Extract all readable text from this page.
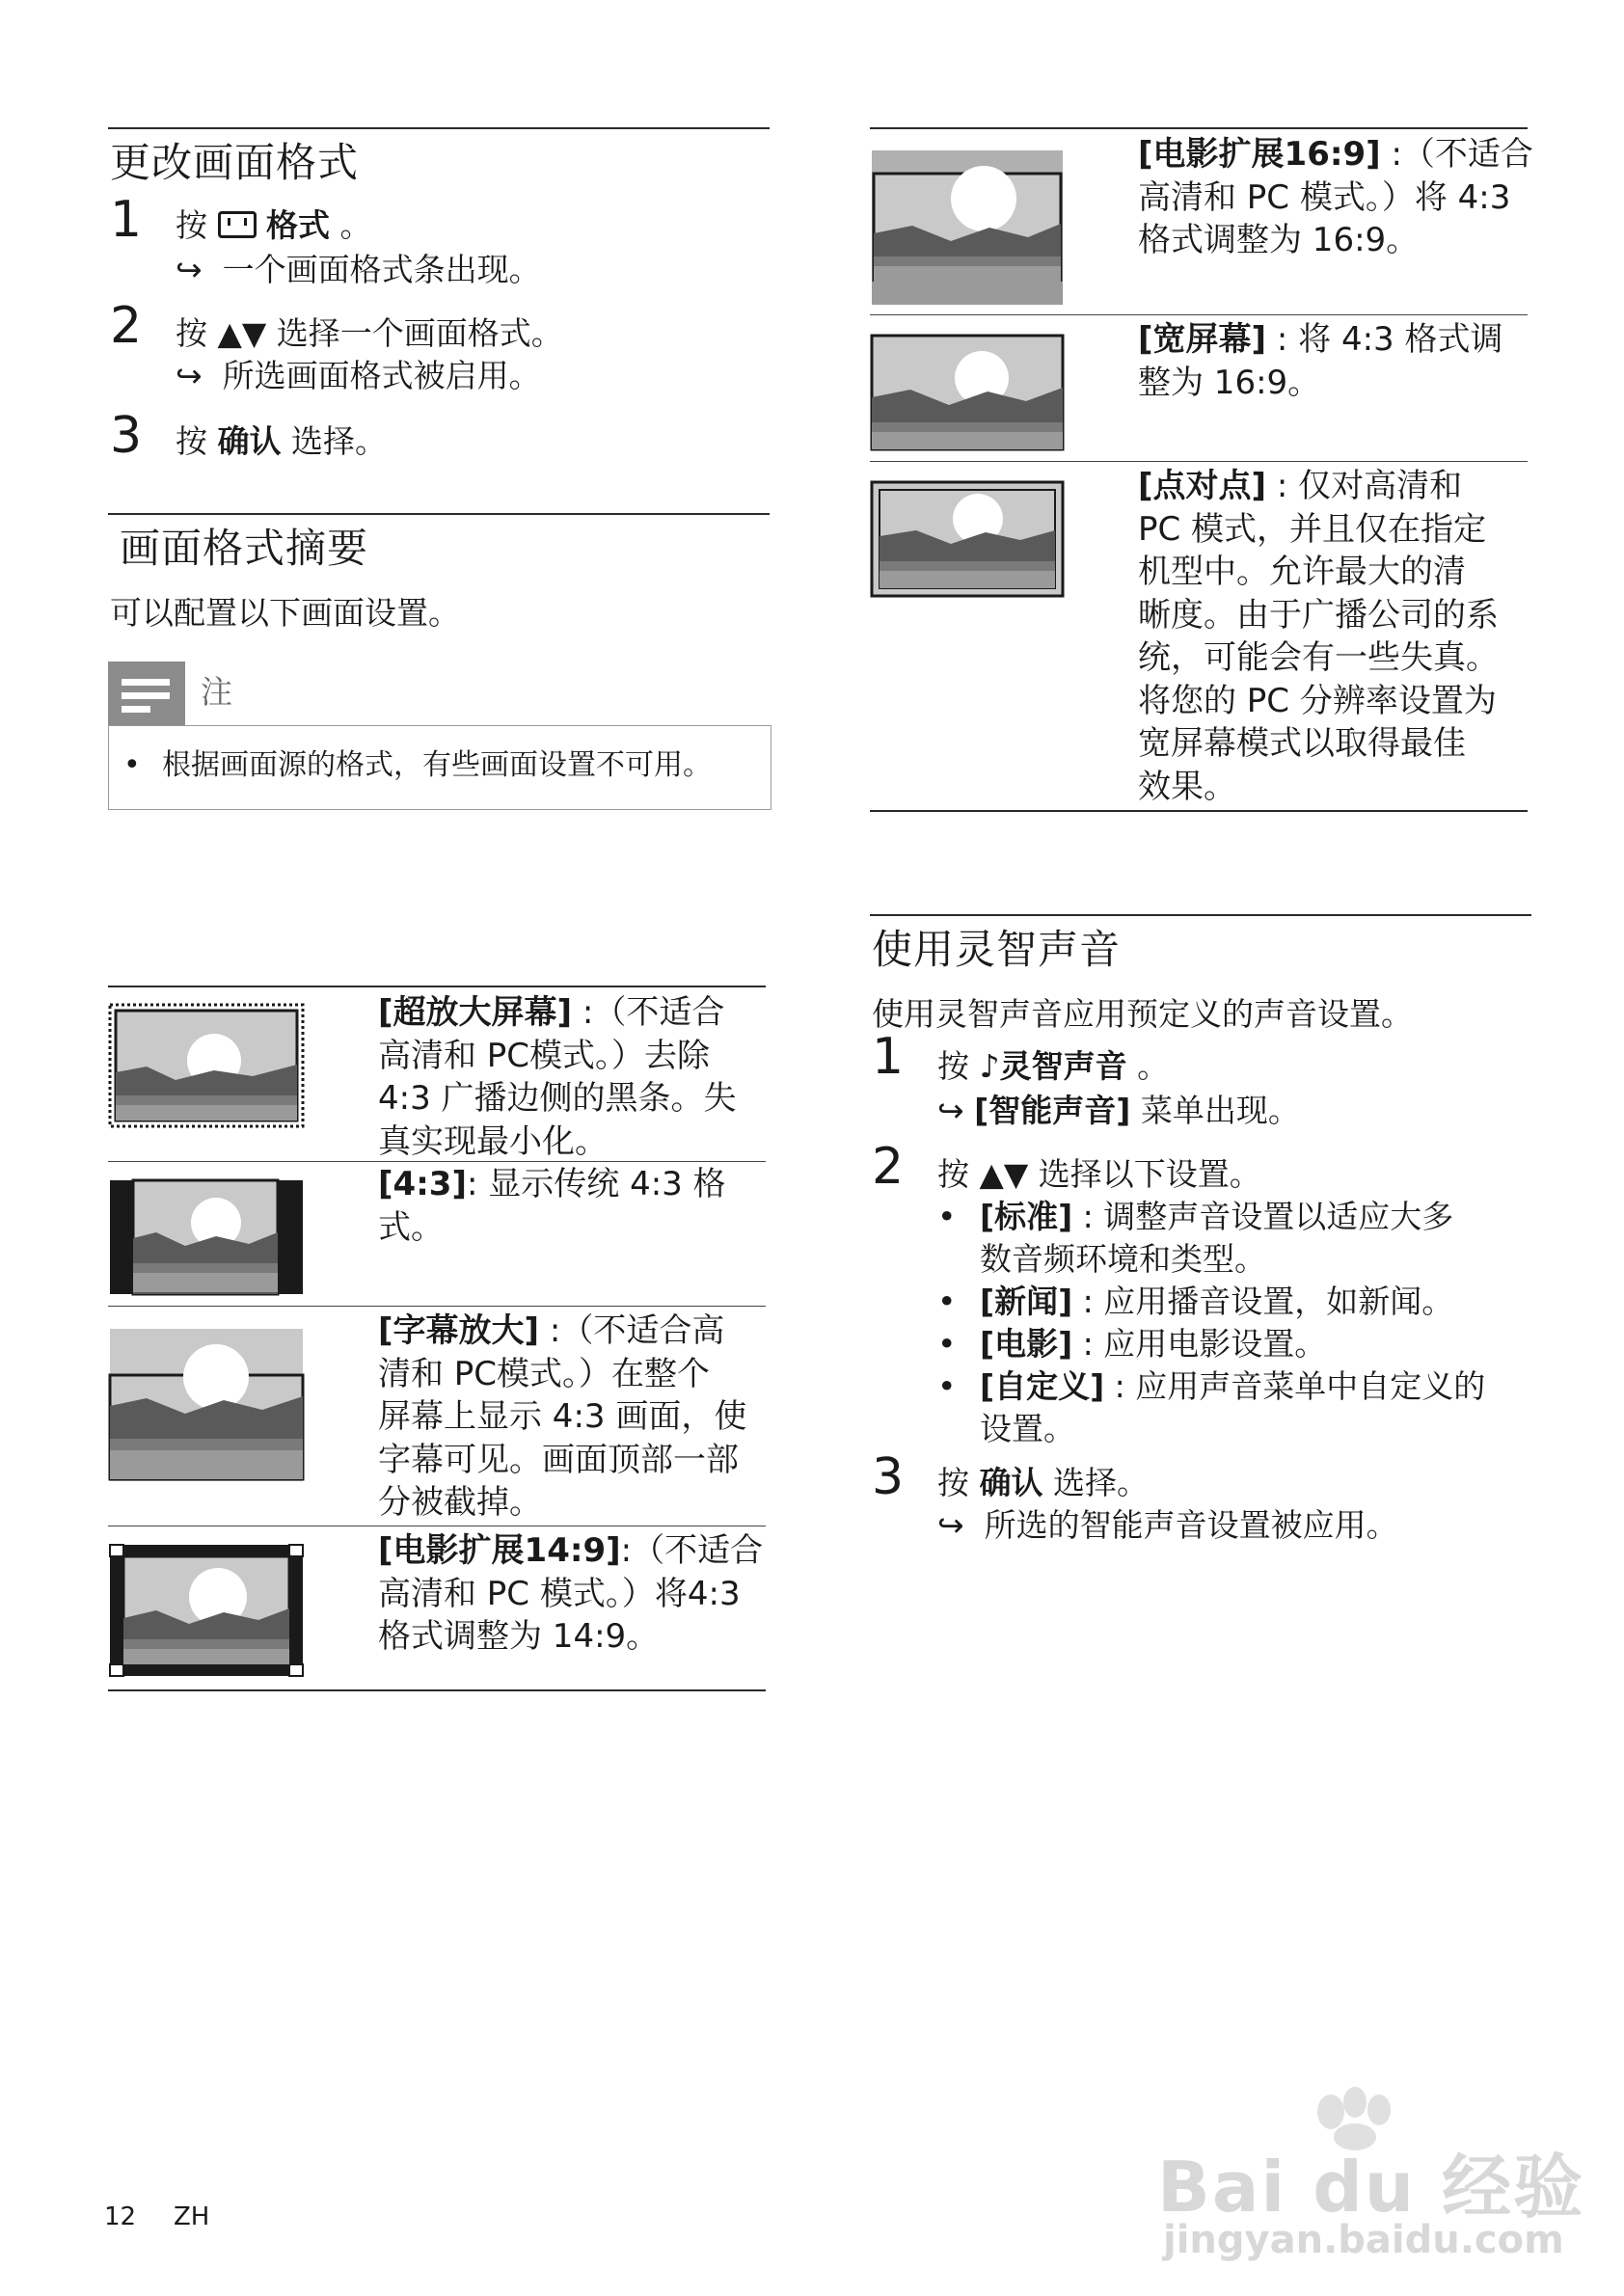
更改画面格式
1 按 格式 。
↪ 一个画面格式条出现。
2 按 ▲▼ 选择一个画面格式。
↪ 所选画面格式被启用。
3 按 确认 选择。
画面格式摘要
可以配置以下画面设置。
注
• 根据画面源的格式，有些画面设置不可用。
[超放大屏幕] :（不适合
高清和 PC模式。）去除
4:3 广播边侧的黑条。失
真实现最小化。
[4:3]: 显示传统 4:3 格
式。
[字幕放大] :（不适合高
清和 PC模式。）在整个
屏幕上显示 4:3 画面，使
字幕可见。画面顶部一部
分被截掉。
[电影扩展14:9]:（不适合
高清和 PC 模式。）将4:3
格式调整为 14:9。
[电影扩展16:9] :（不适合
高清和 PC 模式。）将 4:3
格式调整为 16:9。
[宽屏幕] : 将 4:3 格式调
整为 16:9。
[点对点] : 仅对高清和
PC 模式，并且仅在指定
机型中。允许最大的清
晰度。由于广播公司的系
统，可能会有一些失真。
将您的 PC 分辨率设置为
宽屏幕模式以取得最佳
效果。
使用灵智声音
使用灵智声音应用预定义的声音设置。
1 按 ♪灵智声音 。
↪ [智能声音] 菜单出现。
2 按 ▲▼ 选择以下设置。
• [标准] : 调整声音设置以适应大多
数音频环境和类型。
• [新闻] : 应用播音设置，如新闻。
• [电影] : 应用电影设置。
• [自定义] : 应用声音菜单中自定义的
设置。
3 按 确认 选择。
↪ 所选的智能声音设置被应用。
12 ZH	Bai du 经验
jingyan.baidu.com
